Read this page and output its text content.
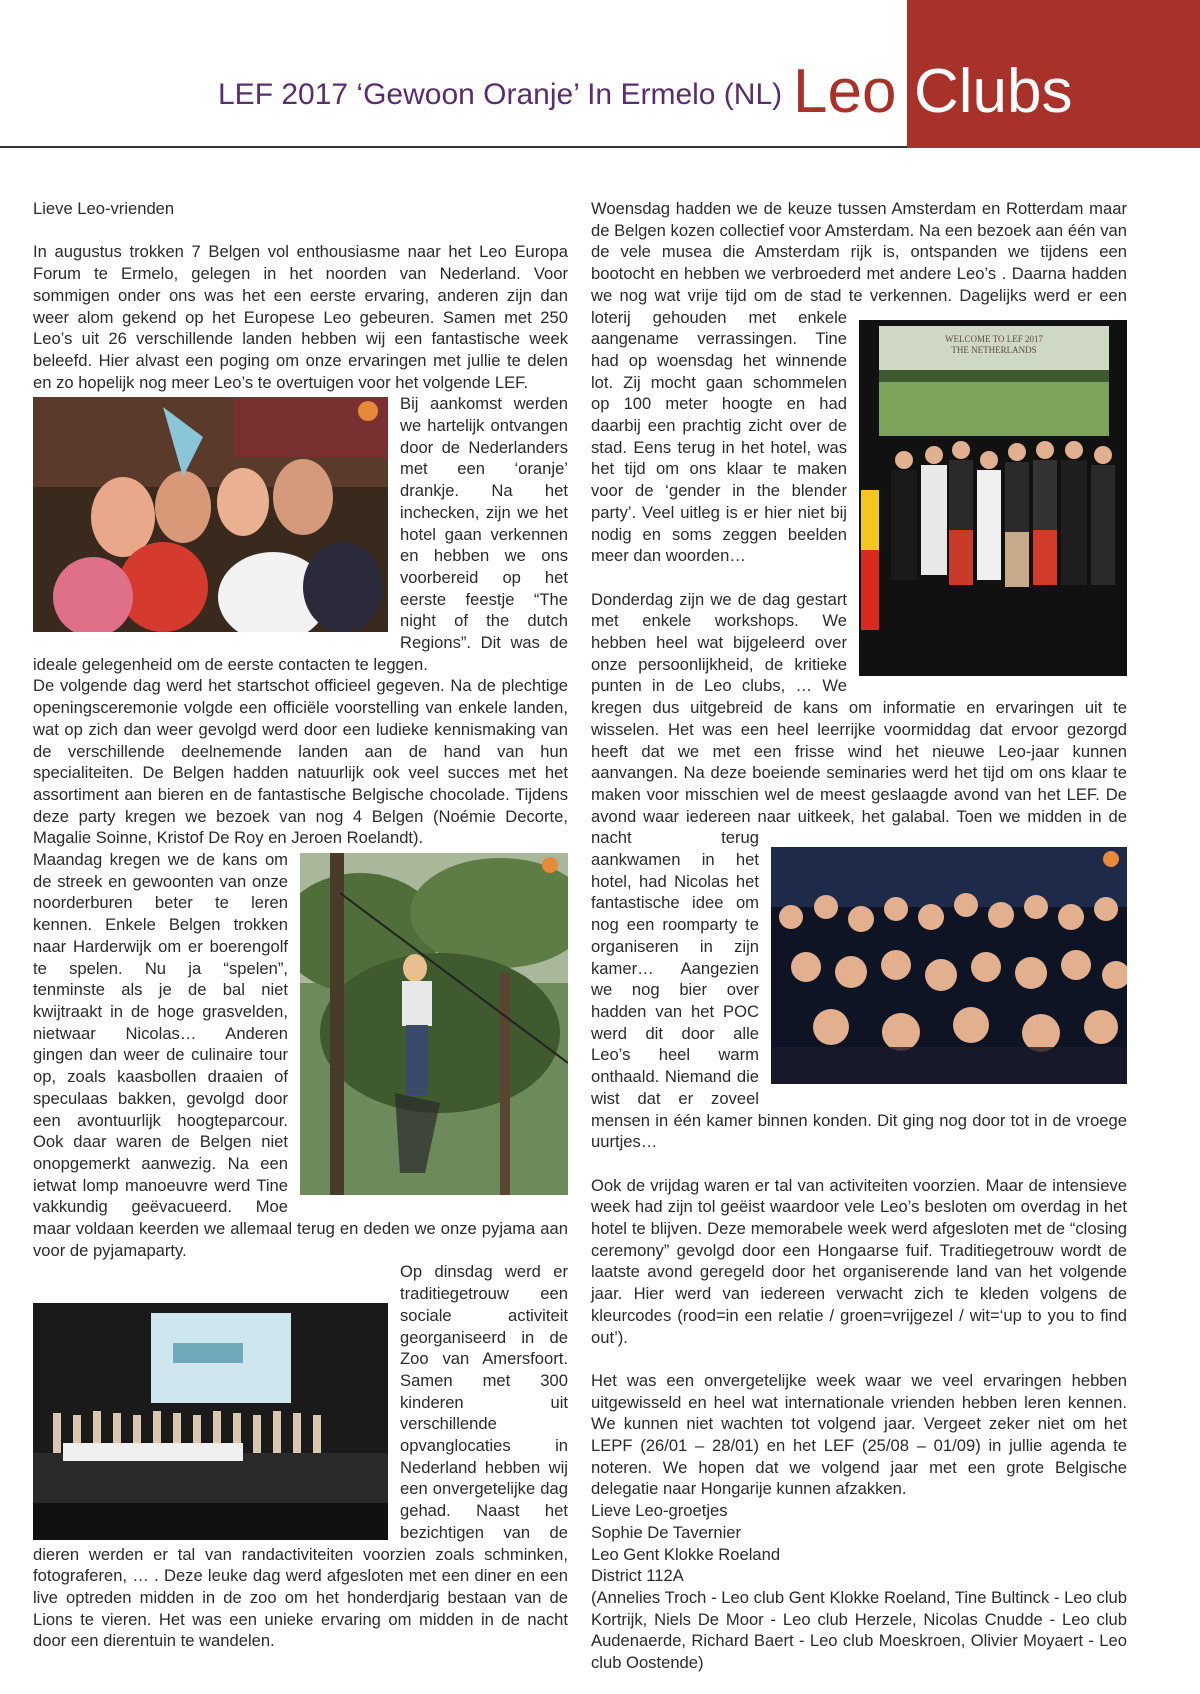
LEF 2017 ‘Gewoon Oranje’ In Ermelo (NL) Leo Clubs

Lieve Leo-vrienden

In augustus trokken 7 Belgen vol enthousiasme naar het Leo Europa Forum te Ermelo, gelegen in het noorden van Nederland. Voor sommigen onder ons was het een eerste ervaring, anderen zijn dan weer alom gekend op het Europese Leo gebeuren. Samen met 250 Leo’s uit 26 verschillende landen hebben wij een fantastische week beleefd. Hier alvast een poging om onze ervaringen met jullie te delen en zo hopelijk nog meer Leo’s te overtuigen voor het volgende LEF.

Bij aankomst werden we hartelijk ontvangen door de Nederlanders met een ‘oranje’ drankje. Na het inchecken, zijn we het hotel gaan verkennen en hebben we ons voorbereid op het eerste feestje “The night of the dutch Regions”. Dit was de ideale gelegenheid om de eerste contacten te leggen.

De volgende dag werd het startschot officieel gegeven. Na de plechtige openingsceremonie volgde een officiële voorstelling van enkele landen, wat op zich dan weer gevolgd werd door een ludieke kennismaking van de verschillende deelnemende landen aan de hand van hun specialiteiten. De Belgen hadden natuurlijk ook veel succes met het assortiment aan bieren en de fantastische Belgische chocolade. Tijdens deze party kregen we bezoek van nog 4 Belgen (Noémie Decorte, Magalie Soinne, Kristof De Roy en Jeroen Roelandt).

Maandag kregen we de kans om de streek en gewoonten van onze noorderburen beter te leren kennen. Enkele Belgen trokken naar Harderwijk om er boerengolf te spelen. Nu ja “spelen”, tenminste als je de bal niet kwijtraakt in de hoge grasvelden, nietwaar Nicolas… Anderen gingen dan weer de culinaire tour op, zoals kaasbollen draaien of speculaas bakken, gevolgd door een avontuurlijk hoogteparcour. Ook daar waren de Belgen niet onopgemerkt aanwezig. Na een ietwat lomp manoeuvre werd Tine vakkundig geëvacueerd. Moe maar voldaan keerden we allemaal terug en deden we onze pyjama aan voor de pyjamaparty.

Op dinsdag werd er traditiegetrouw een sociale activiteit georganiseerd in de Zoo van Amersfoort. Samen met 300 kinderen uit verschillende opvanglocaties in Nederland hebben wij een onvergetelijke dag gehad. Naast het bezichtigen van de dieren werden er tal van randactiviteiten voorzien zoals schminken, fotograferen, … . Deze leuke dag werd afgesloten met een diner en een live optreden midden in de zoo om het honderdjarig bestaan van de Lions te vieren. Het was een unieke ervaring om midden in de nacht door een dierentuin te wandelen.

WELCOME TO LEF 2017
THE NETHERLANDS

Woensdag hadden we de keuze tussen Amsterdam en Rotterdam maar de Belgen kozen collectief voor Amsterdam. Na een bezoek aan één van de vele musea die Amsterdam rijk is, ontspanden we tijdens een bootocht en hebben we verbroederd met andere Leo’s . Daarna hadden we nog wat vrije tijd om de stad te verkennen. Dagelijks werd er een loterij gehouden met enkele aangename verrassingen. Tine had op woensdag het winnende lot. Zij mocht gaan schommelen op 100 meter hoogte en had daarbij een prachtig zicht over de stad. Eens terug in het hotel, was het tijd om ons klaar te maken voor de ‘gender in the blender party’. Veel uitleg is er hier niet bij nodig en soms zeggen beelden meer dan woorden…

Donderdag zijn we de dag gestart met enkele workshops. We hebben heel wat bijgeleerd over onze persoonlijkheid, de kritieke punten in de Leo clubs, … We kregen dus uitgebreid de kans om informatie en ervaringen uit te wisselen. Het was een heel leerrijke voormiddag dat ervoor gezorgd heeft dat we met een frisse wind het nieuwe Leo-jaar kunnen aanvangen. Na deze boeiende seminaries werd het tijd om ons klaar te maken voor misschien wel de meest geslaagde avond van het LEF. De avond waar iedereen naar uitkeek, het galabal. Toen we midden in de nacht terug aankwamen in het hotel, had Nicolas het fantastische idee om nog een roomparty te organiseren in zijn kamer… Aangezien we nog bier over hadden van het POC werd dit door alle Leo’s heel warm onthaald. Niemand die wist dat er zoveel mensen in één kamer binnen konden. Dit ging nog door tot in de vroege uurtjes…

Ook de vrijdag waren er tal van activiteiten voorzien. Maar de intensieve week had zijn tol geëist waardoor vele Leo’s besloten om overdag in het hotel te blijven. Deze memorabele week werd afgesloten met de “closing ceremony” gevolgd door een Hongaarse fuif. Traditiegetrouw wordt de laatste avond geregeld door het organiserende land van het volgende jaar. Hier werd van iedereen verwacht zich te kleden volgens de kleurcodes (rood=in een relatie / groen=vrijgezel / wit=‘up to you to find out’).

Het was een onvergetelijke week waar we veel ervaringen hebben uitgewisseld en heel wat internationale vrienden hebben leren kennen. We kunnen niet wachten tot volgend jaar. Vergeet zeker niet om het LEPF (26/01 – 28/01) en het LEF (25/08 – 01/09) in jullie agenda te noteren. We hopen dat we volgend jaar met een grote Belgische delegatie naar Hongarije kunnen afzakken.

Lieve Leo-groetjes

Sophie De Tavernier

Leo Gent Klokke Roeland

District 112A

(Annelies Troch - Leo club Gent Klokke Roeland, Tine Bultinck - Leo club Kortrijk, Niels De Moor - Leo club Herzele, Nicolas Cnudde - Leo club Audenaerde, Richard Baert - Leo club Moeskroen, Olivier Moyaert - Leo club Oostende)
